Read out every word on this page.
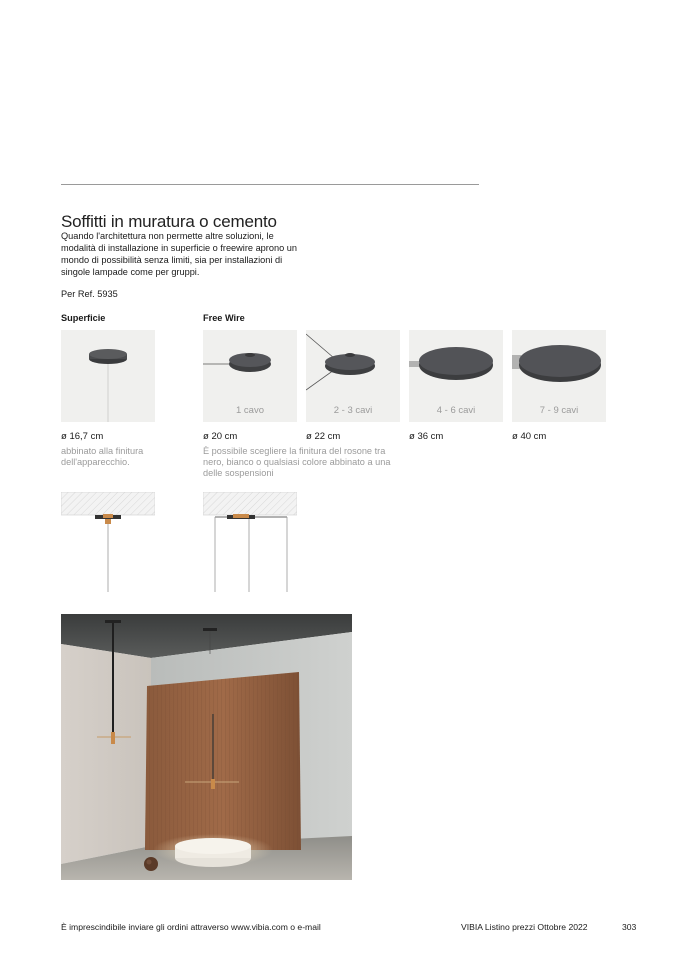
Soffitti in muratura o cemento

Quando l'architettura non permette altre soluzioni, le modalità di installazione in superficie o freewire aprono un mondo di possibilità senza limiti, sia per installazioni di singole lampade come per gruppi.

Per Ref. 5935
Superficie	Free Wire
1 cavo	2 - 3 cavi	4 - 6 cavi	7 - 9 cavi
ø 16,7 cm	ø 20 cm	ø 22 cm	ø 36 cm	ø 40 cm
abbinato alla finitura dell'apparecchio.
È possibile scegliere la finitura del rosone tra nero, bianco o qualsiasi colore abbinato a una delle sospensioni
È imprescindibile inviare gli ordini attraverso www.vibia.com o e-mail	VIBIA Listino prezzi Ottobre 2022	303
